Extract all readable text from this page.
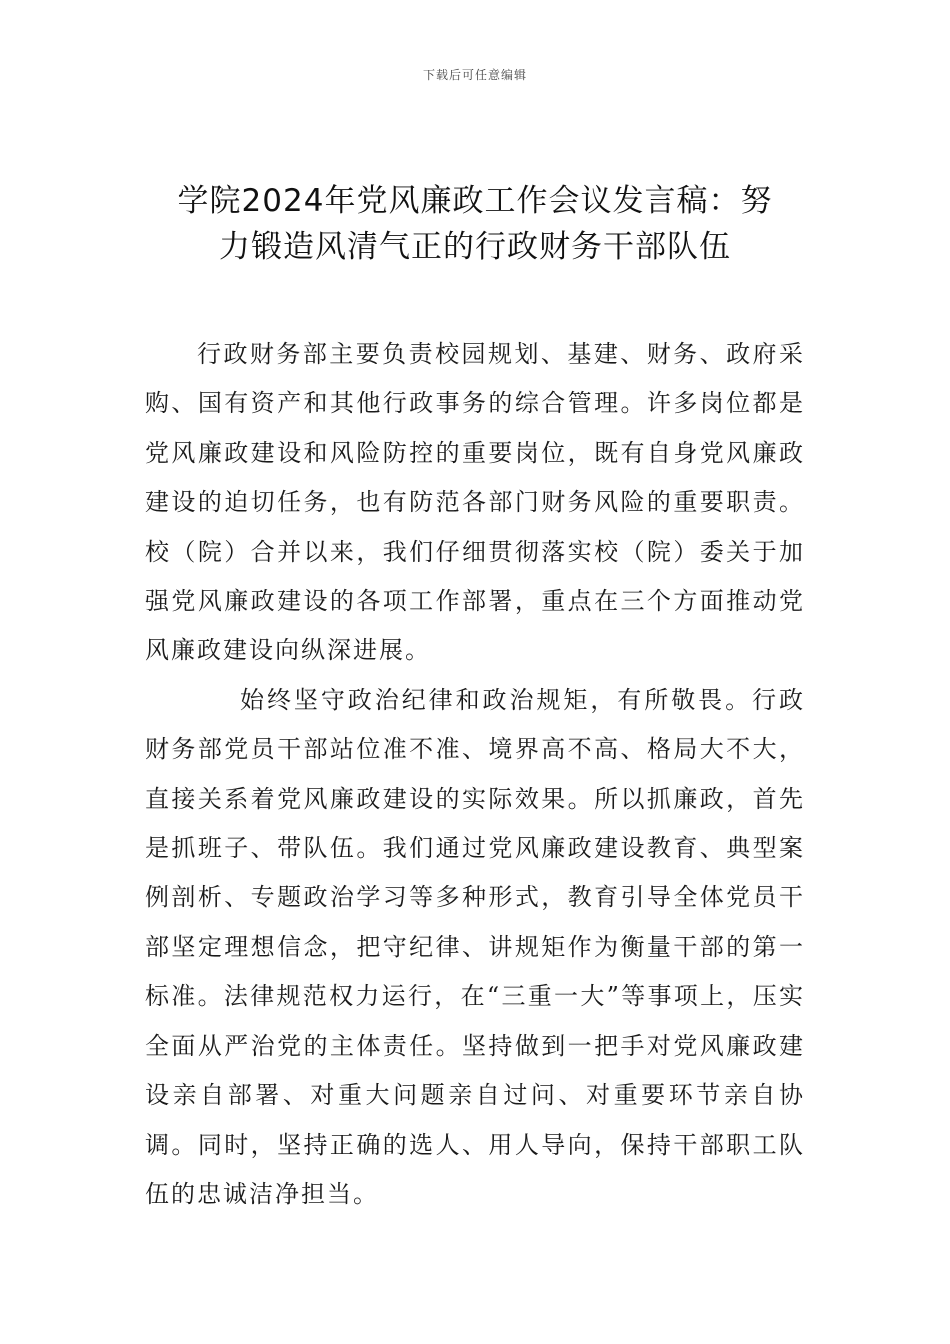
下载后可任意编辑
学院2024年党风廉政工作会议发言稿：努
力锻造风清气正的行政财务干部队伍

行政财务部主要负责校园规划、基建、财务、政府采购、国有资产和其他行政事务的综合管理。许多岗位都是党风廉政建设和风险防控的重要岗位，既有自身党风廉政建设的迫切任务，也有防范各部门财务风险的重要职责。校（院）合并以来，我们仔细贯彻落实校（院）委关于加强党风廉政建设的各项工作部署，重点在三个方面推动党风廉政建设向纵深进展。

始终坚守政治纪律和政治规矩，有所敬畏。行政财务部党员干部站位准不准、境界高不高、格局大不大，直接关系着党风廉政建设的实际效果。所以抓廉政，首先是抓班子、带队伍。我们通过党风廉政建设教育、典型案例剖析、专题政治学习等多种形式，教育引导全体党员干部坚定理想信念，把守纪律、讲规矩作为衡量干部的第一标准。法律规范权力运行，在“三重一大”等事项上，压实全面从严治党的主体责任。坚持做到一把手对党风廉政建设亲自部署、对重大问题亲自过问、对重要环节亲自协调。同时，坚持正确的选人、用人导向，保持干部职工队伍的忠诚洁净担当。
